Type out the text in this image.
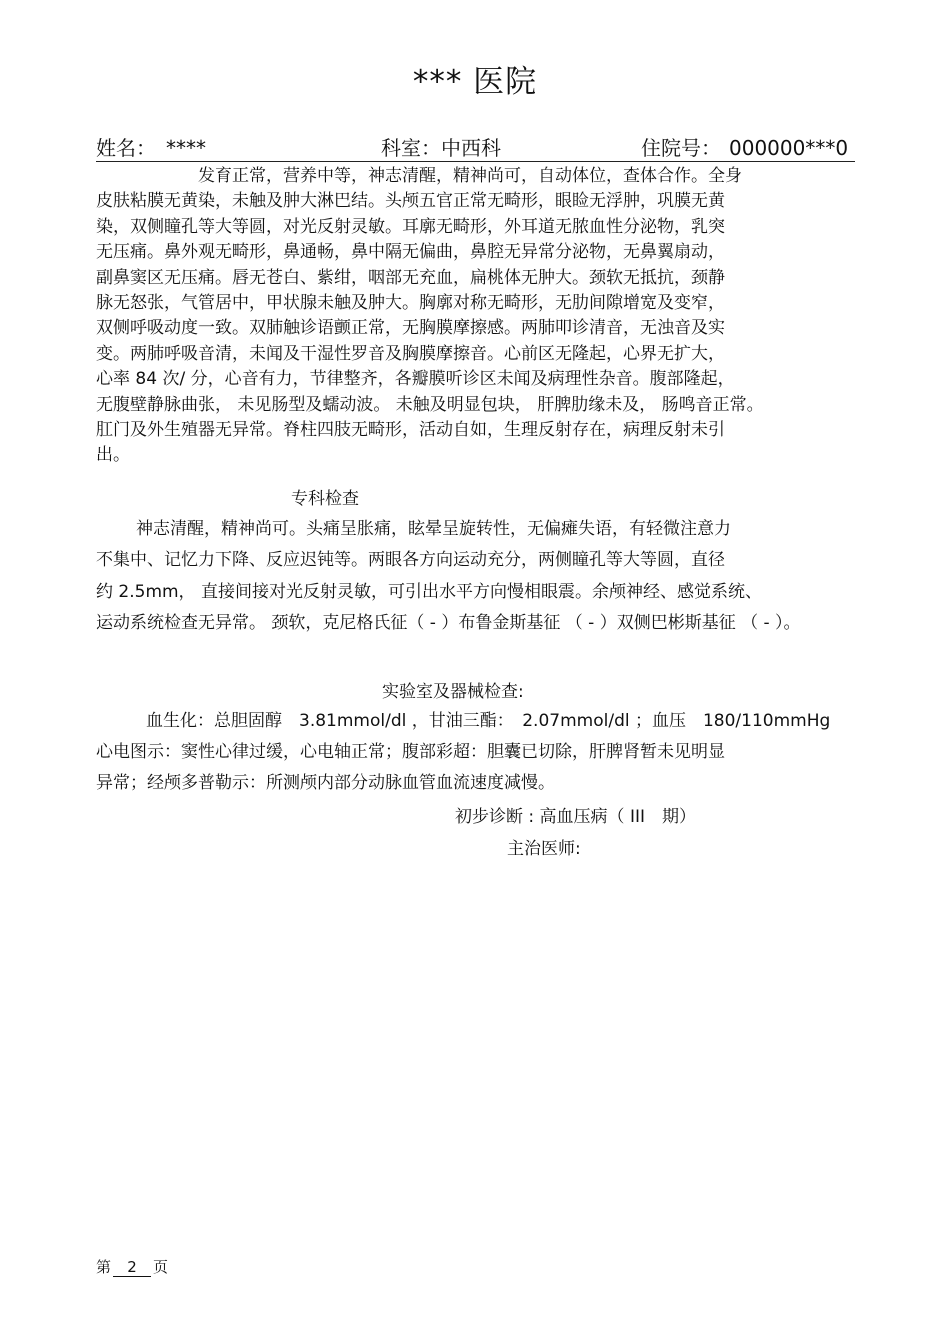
*** 医院
姓名： ****	科室：中西科	住院号： 000000***0
发育正常，营养中等，神志清醒，精神尚可，自动体位，查体合作。全身
皮肤粘膜无黄染，未触及肿大淋巴结。头颅五官正常无畸形，眼睑无浮肿，巩膜无黄
染，双侧瞳孔等大等圆，对光反射灵敏。耳廓无畸形，外耳道无脓血性分泌物，乳突
无压痛。鼻外观无畸形，鼻通畅，鼻中隔无偏曲，鼻腔无异常分泌物，无鼻翼扇动，
副鼻窦区无压痛。唇无苍白、紫绀，咽部无充血，扁桃体无肿大。颈软无抵抗，颈静
脉无怒张，气管居中，甲状腺未触及肿大。胸廓对称无畸形，无肋间隙增宽及变窄，
双侧呼吸动度一致。双肺触诊语颤正常，无胸膜摩擦感。两肺叩诊清音，无浊音及实
变。两肺呼吸音清，未闻及干湿性罗音及胸膜摩擦音。心前区无隆起，心界无扩大，
心率 84 次/ 分，心音有力，节律整齐，各瓣膜听诊区未闻及病理性杂音。腹部隆起，
无腹壁静脉曲张， 未见肠型及蠕动波。 未触及明显包块， 肝脾肋缘未及， 肠鸣音正常。
肛门及外生殖器无异常。脊柱四肢无畸形，活动自如，生理反射存在，病理反射未引
出。
专科检查
神志清醒，精神尚可。头痛呈胀痛，眩晕呈旋转性，无偏瘫失语，有轻微注意力
不集中、记忆力下降、反应迟钝等。两眼各方向运动充分，两侧瞳孔等大等圆，直径
约 2.5mm， 直接间接对光反射灵敏，可引出水平方向慢相眼震。余颅神经、感觉系统、
运动系统检查无异常。 颈软，克尼格氏征（ - ）布鲁金斯基征 （ - ）双侧巴彬斯基征 （ - ）。
实验室及器械检查:
血生化：总胆固醇　3.81mmol/dl ，甘油三酯：　2.07mmol/dl ；血压　180/110mmHg
心电图示：窦性心律过缓，心电轴正常；腹部彩超：胆囊已切除，肝脾肾暂未见明显
异常；经颅多普勒示：所测颅内部分动脉血管血流速度减慢。
初步诊断 : 高血压病（ III　期）
主治医师:
第 2 页
